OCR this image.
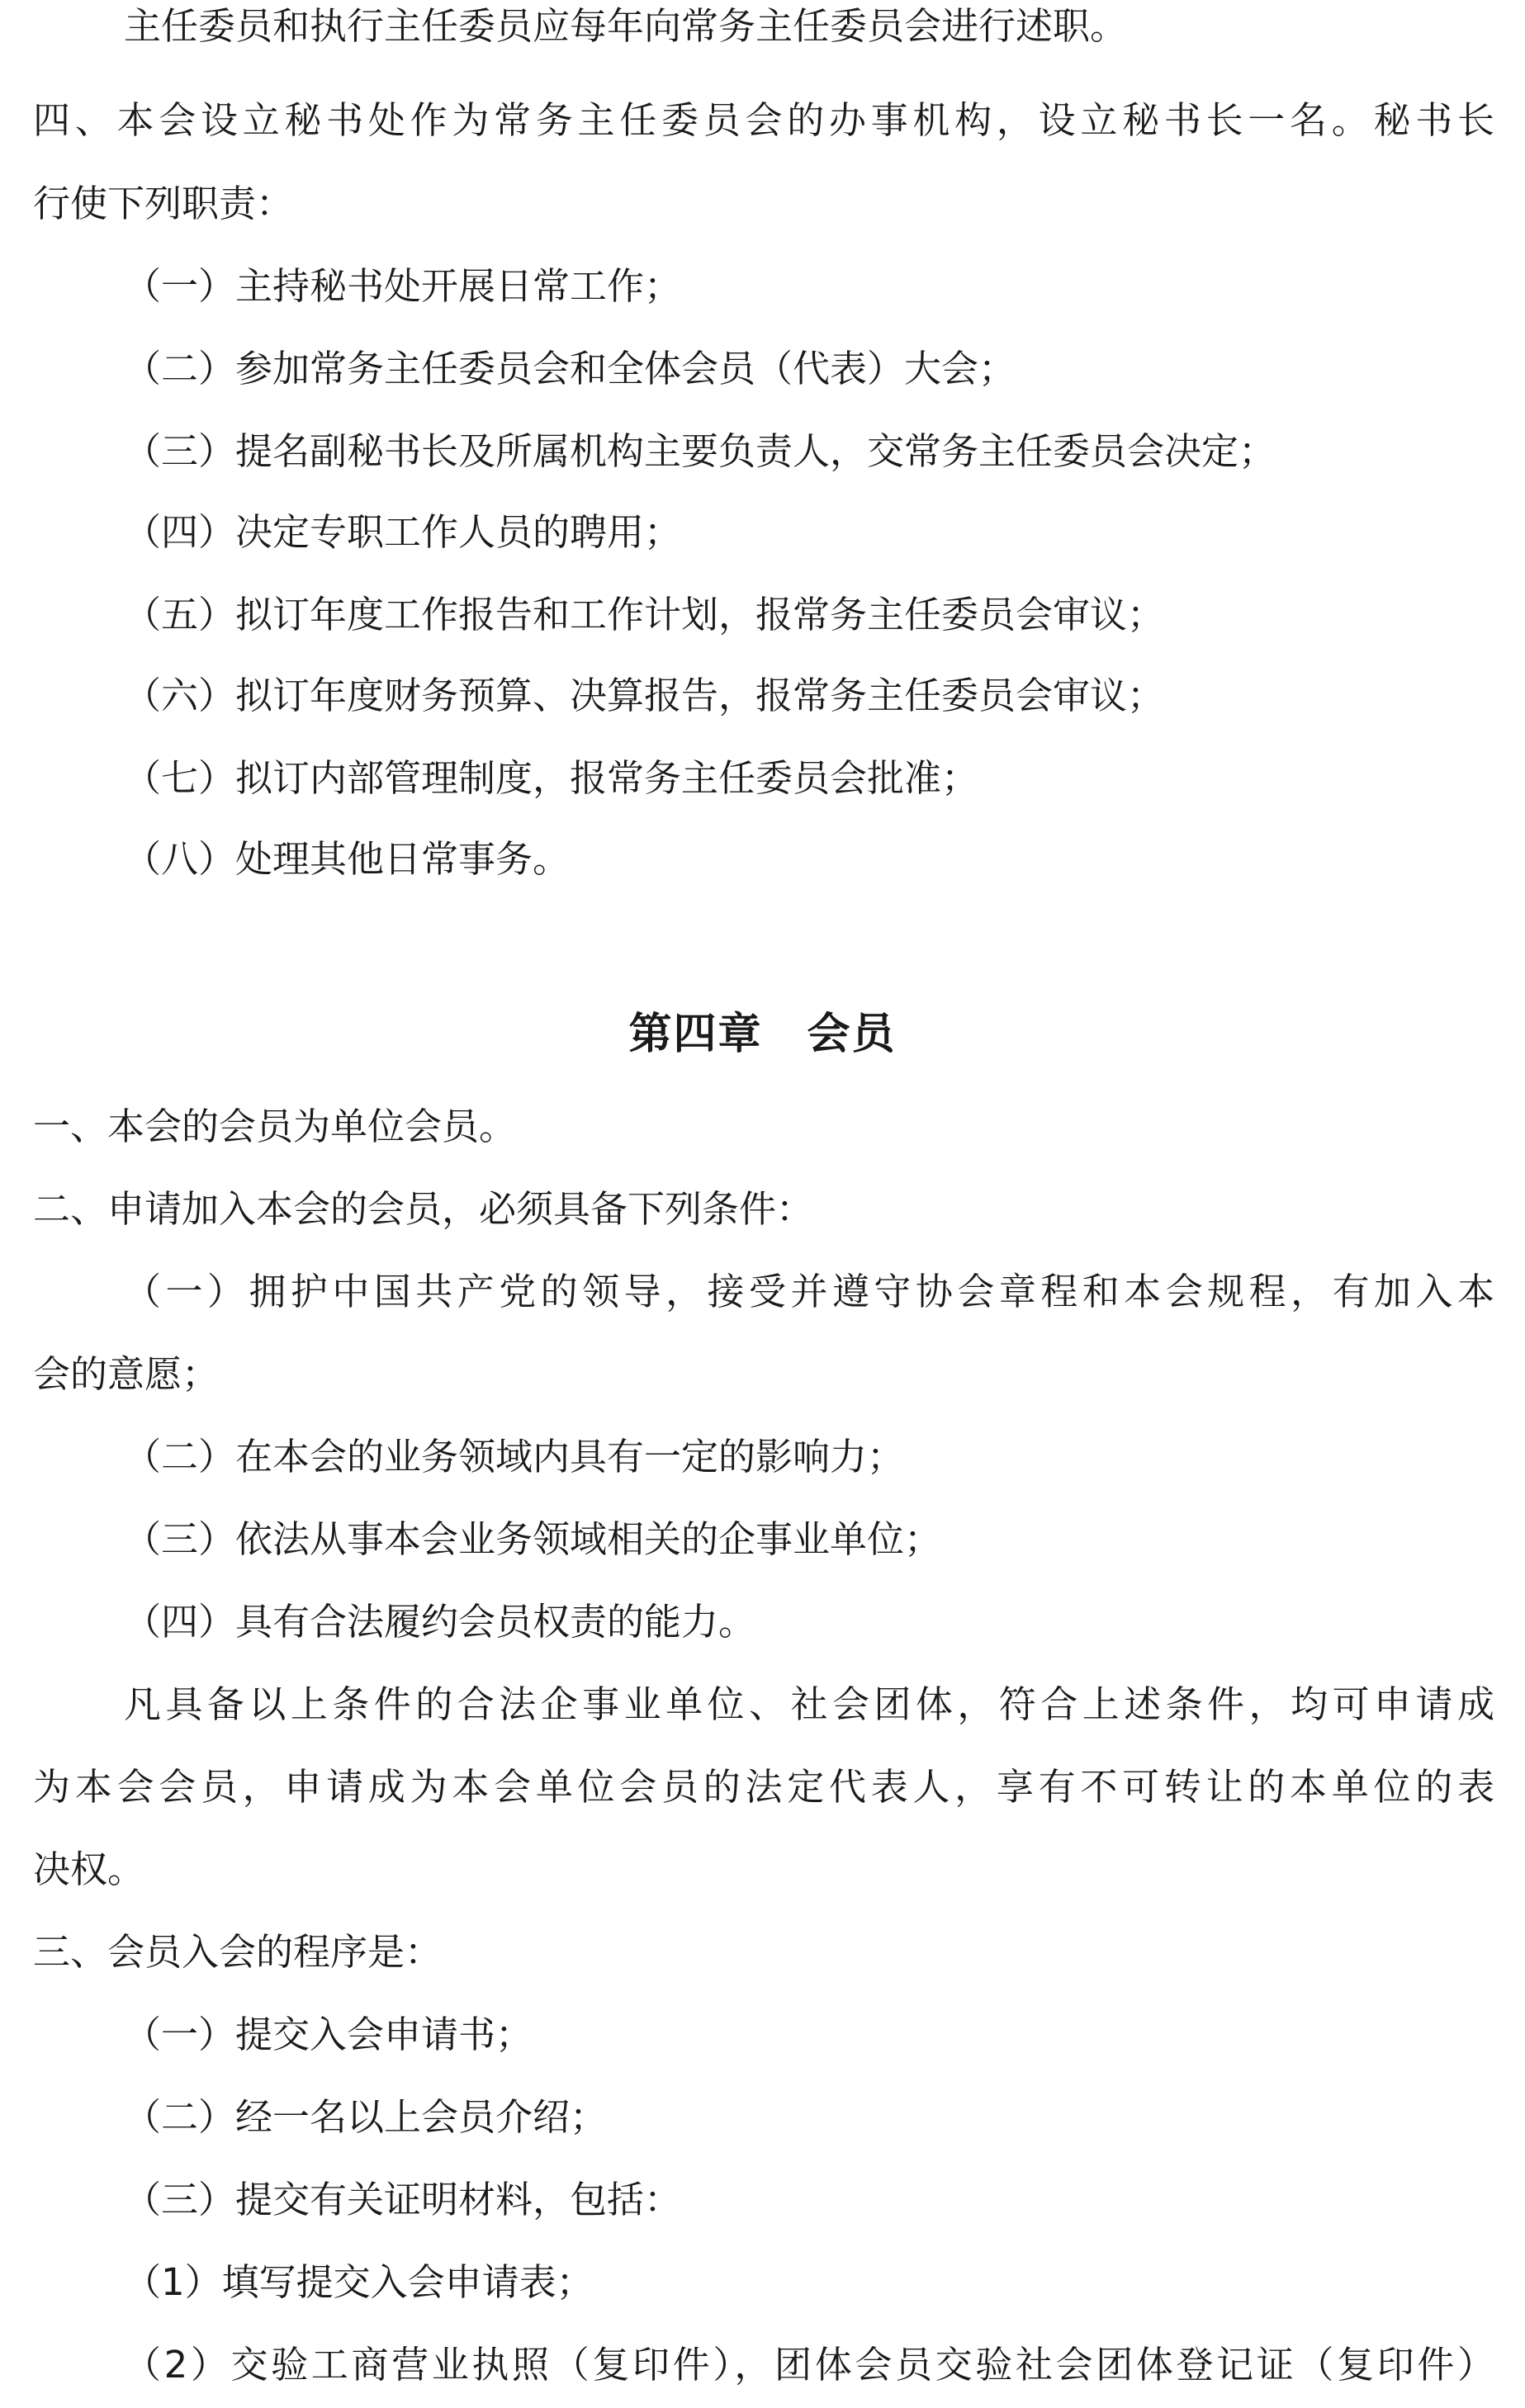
主任委员和执行主任委员应每年向常务主任委员会进行述职。
四、本会设立秘书处作为常务主任委员会的办事机构，设立秘书长一名。秘书长
行使下列职责：
（一）主持秘书处开展日常工作；
（二）参加常务主任委员会和全体会员（代表）大会；
（三）提名副秘书长及所属机构主要负责人，交常务主任委员会决定；
（四）决定专职工作人员的聘用；
（五）拟订年度工作报告和工作计划，报常务主任委员会审议；
（六）拟订年度财务预算、决算报告，报常务主任委员会审议；
（七）拟订内部管理制度，报常务主任委员会批准；
（八）处理其他日常事务。
第四章　会员
一、本会的会员为单位会员。
二、申请加入本会的会员，必须具备下列条件：
（一）拥护中国共产党的领导，接受并遵守协会章程和本会规程，有加入本
会的意愿；
（二）在本会的业务领域内具有一定的影响力；
（三）依法从事本会业务领域相关的企事业单位；
（四）具有合法履约会员权责的能力。
凡具备以上条件的合法企事业单位、社会团体，符合上述条件，均可申请成
为本会会员，申请成为本会单位会员的法定代表人，享有不可转让的本单位的表
决权。
三、会员入会的程序是：
（一）提交入会申请书；
（二）经一名以上会员介绍；
（三）提交有关证明材料，包括：
（1）填写提交入会申请表；
（2）交验工商营业执照（复印件），团体会员交验社会团体登记证（复印件）
